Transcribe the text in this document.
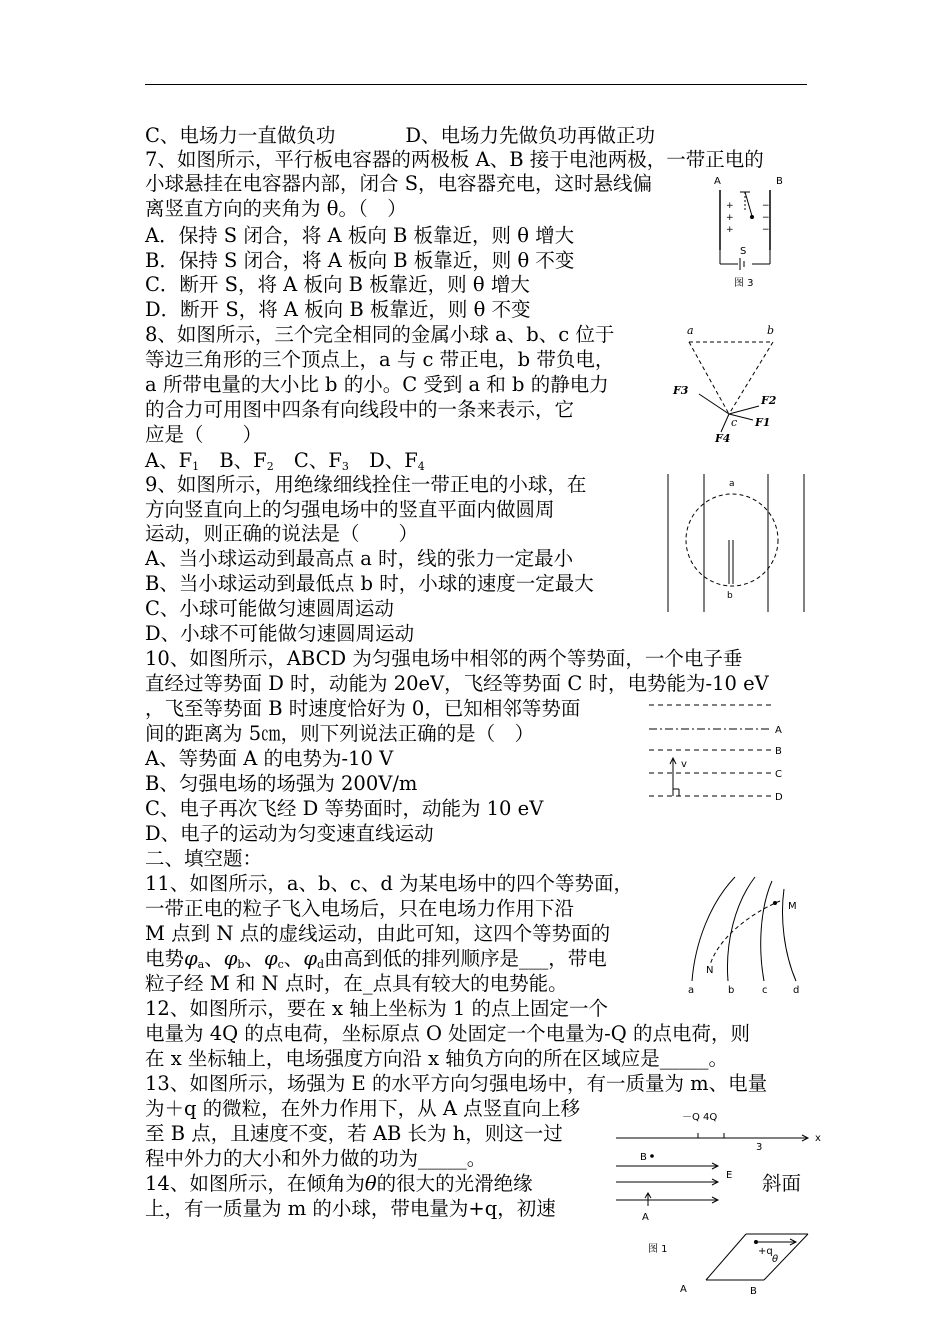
C、电场力一直做负功	D、电场力先做负功再做正功
7、如图所示，平行板电容器的两极板 A、B 接于电池两极，一带正电的
小球悬挂在电容器内部，闭合 S，电容器充电，这时悬线偏
离竖直方向的夹角为 θ。（　）
A．保持 S 闭合，将 A 板向 B 板靠近，则 θ 增大
B．保持 S 闭合，将 A 板向 B 板靠近，则 θ 不变
C．断开 S，将 A 板向 B 板靠近，则 θ 增大
D．断开 S，将 A 板向 B 板靠近，则 θ 不变
A	B
+
+
+
−
−
−
S
图 3
8、如图所示，三个完全相同的金属小球 a、b、c 位于
等边三角形的三个顶点上，a 与 c 带正电，b 带负电，
a 所带电量的大小比 b 的小。C 受到 a 和 b 的静电力
的合力可用图中四条有向线段中的一条来表示，它
应是（　　）
A、$F_1$ B、$F_2$ C、$F_3$ D、$F_4$
a	b
c
F3
F2
F1
F4
9、如图所示，用绝缘细线拴住一带正电的小球，在
方向竖直向上的匀强电场中的竖直平面内做圆周
运动，则正确的说法是（　　）
A、当小球运动到最高点 a 时，线的张力一定最小
B、当小球运动到最低点 b 时，小球的速度一定最大
C、小球可能做匀速圆周运动
D、小球不可能做匀速圆周运动
a
b
10、如图所示，ABCD 为匀强电场中相邻的两个等势面，一个电子垂
直经过等势面 D 时，动能为 20eV，飞经等势面 C 时，电势能为-10 eV
，飞至等势面 B 时速度恰好为 0，已知相邻等势面
间的距离为 5㎝，则下列说法正确的是（　）
A、等势面 A 的电势为-10 V
B、匀强电场的场强为 200V/m
C、电子再次飞经 D 等势面时，动能为 10 eV
D、电子的运动为匀变速直线运动
v
A
B
C
D
二、填空题：
11、如图所示，a、b、c、d 为某电场中的四个等势面，
一带正电的粒子飞入电场后，只在电场力作用下沿
M 点到 N 点的虚线运动，由此可知，这四个等势面的
电势$\varphi_a$、$\varphi_b$、$\varphi_c$、$\varphi_d$由高到低的排列顺序是___，带电
粒子经 M 和 N 点时，在_点具有较大的电势能。
M
N
a	b	c	d
12、如图所示，要在 x 轴上坐标为 1 的点上固定一个
电量为 4Q 的点电荷，坐标原点 O 处固定一个电量为-Q 的点电荷，则
在 x 坐标轴上，电场强度方向沿 x 轴负方向的所在区域应是_____。
13、如图所示，场强为 E 的水平方向匀强电场中，有一质量为 m、电量
为＋q 的微粒，在外力作用下，从 A 点竖直向上移
至 B 点，且速度不变，若 AB 长为 h，则这一过
程中外力的大小和外力做的功为_____。
－Q 4Q
3
x
B
E
A
14、如图所示，在倾角为θ的很大的光滑绝缘	斜面
上，有一质量为 m 的小球，带电量为+q，初速
图 1	+q
θ
A	B
